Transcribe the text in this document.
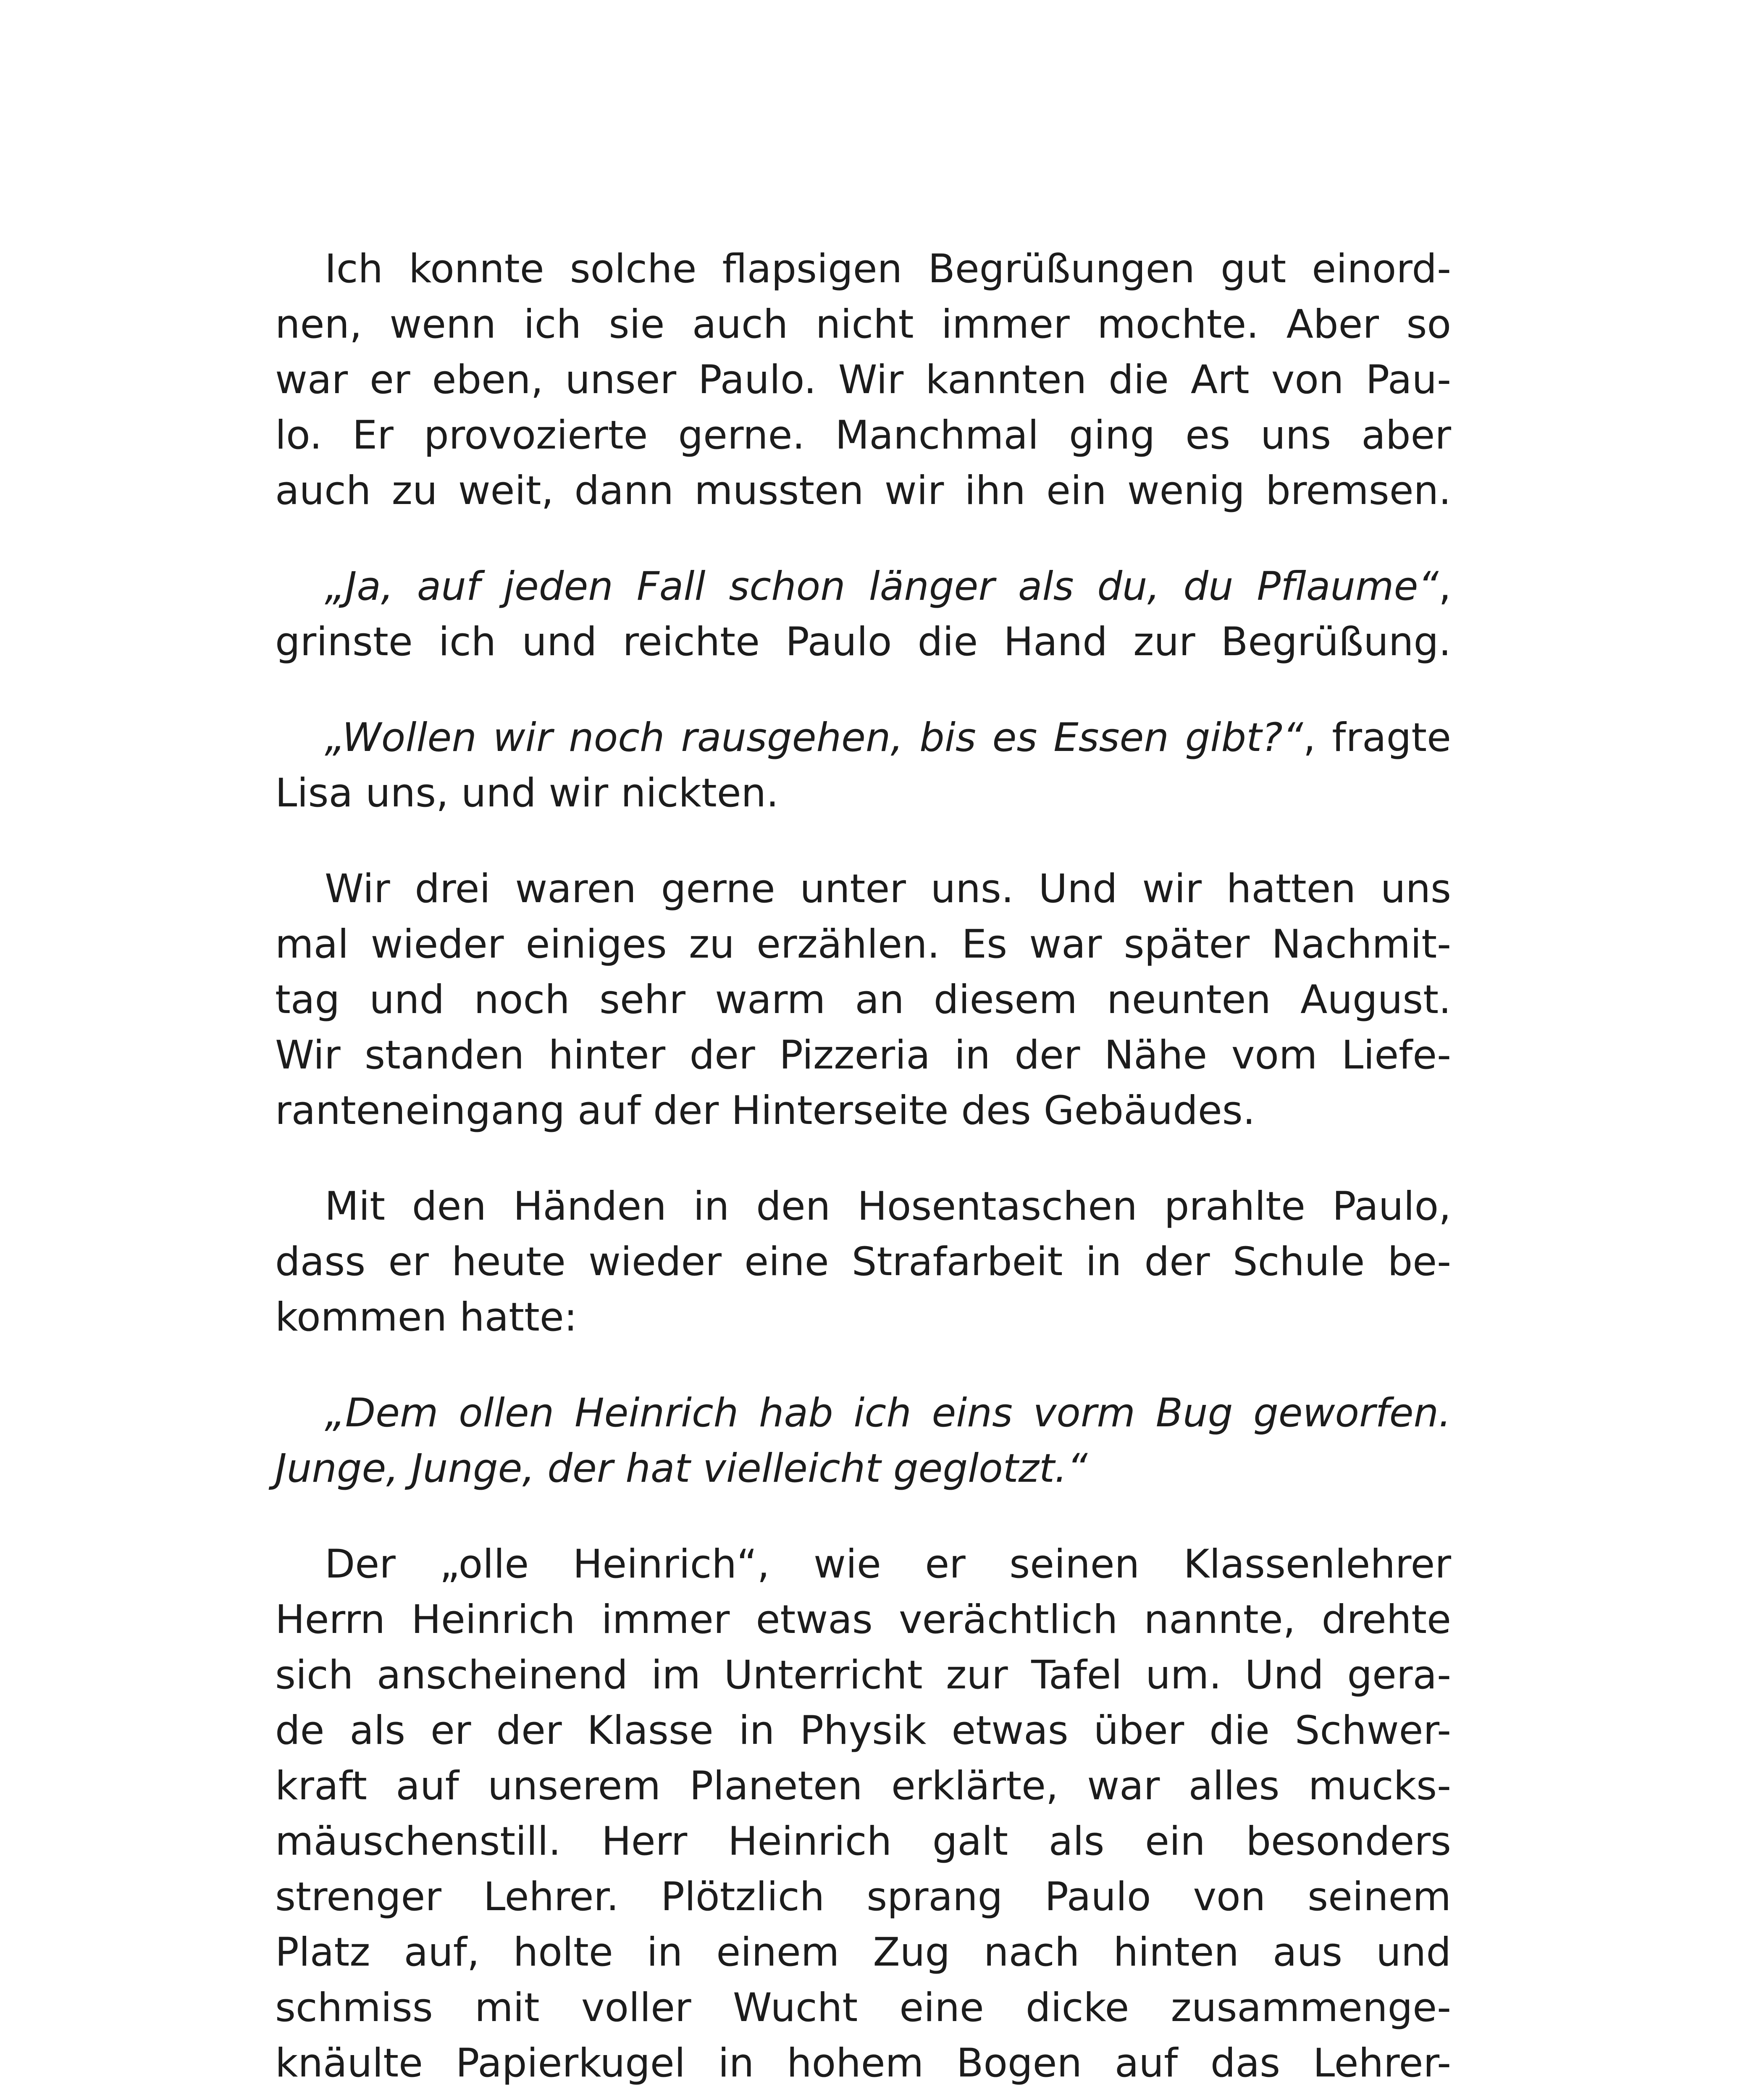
Ich konnte solche flapsigen Begrüßungen gut einord-
nen, wenn ich sie auch nicht immer mochte. Aber so
war er eben, unser Paulo. Wir kannten die Art von Pau-
lo. Er provozierte gerne. Manchmal ging es uns aber
auch zu weit, dann mussten wir ihn ein wenig bremsen.
„Ja, auf jeden Fall schon länger als du, du Pflaume“,
grinste ich und reichte Paulo die Hand zur Begrüßung.
„Wollen wir noch rausgehen, bis es Essen gibt?“, fragte
Lisa uns, und wir nickten.
Wir drei waren gerne unter uns. Und wir hatten uns
mal wieder einiges zu erzählen. Es war später Nachmit-
tag und noch sehr warm an diesem neunten August.
Wir standen hinter der Pizzeria in der Nähe vom Liefe-
ranteneingang auf der Hinterseite des Gebäudes.
Mit den Händen in den Hosentaschen prahlte Paulo,
dass er heute wieder eine Strafarbeit in der Schule be-
kommen hatte:
„Dem ollen Heinrich hab ich eins vorm Bug geworfen.
Junge, Junge, der hat vielleicht geglotzt.“
Der „olle Heinrich“, wie er seinen Klassenlehrer
Herrn Heinrich immer etwas verächtlich nannte, drehte
sich anscheinend im Unterricht zur Tafel um. Und gera-
de als er der Klasse in Physik etwas über die Schwer-
kraft auf unserem Planeten erklärte, war alles mucks-
mäuschenstill. Herr Heinrich galt als ein besonders
strenger Lehrer. Plötzlich sprang Paulo von seinem
Platz auf, holte in einem Zug nach hinten aus und
schmiss mit voller Wucht eine dicke zusammenge-
knäulte Papierkugel in hohem Bogen auf das Lehrer-
